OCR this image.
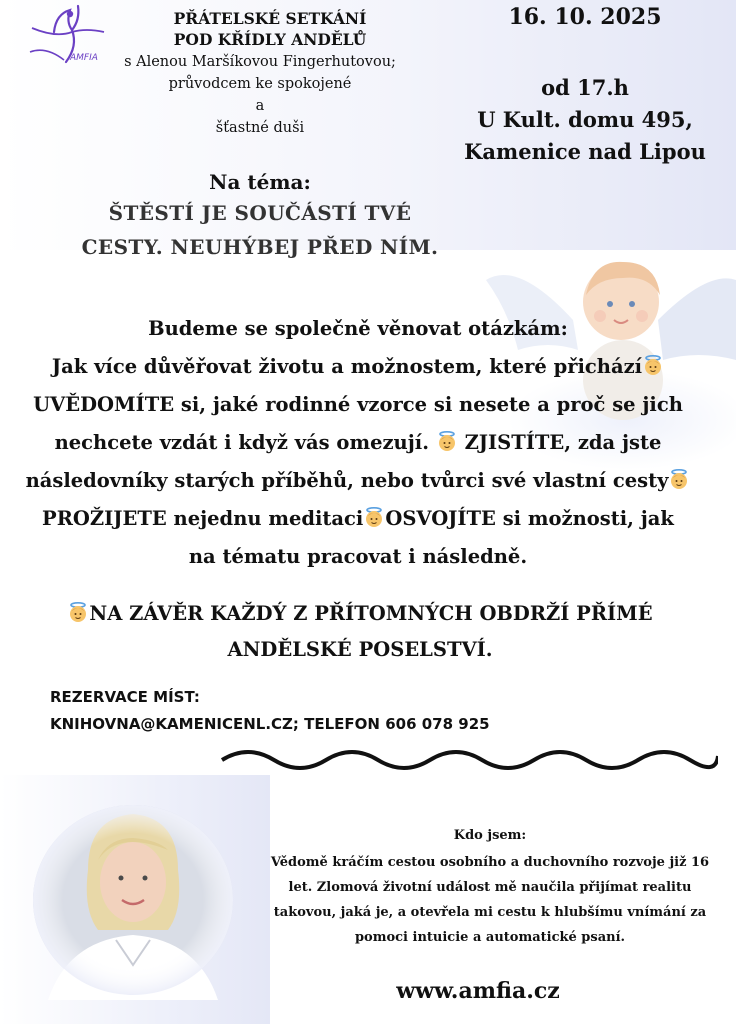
AMFIA
PŘÁTELSKÉ SETKÁNÍ
POD KŘÍDLY ANDĚLŮ
s Alenou Maršíkovou Fingerhutovou;
průvodcem ke spokojené
a
šťastné duši
16. 10. 2025
od 17.h
U Kult. domu 495,
Kamenice nad Lipou
Na téma:
ŠTĚSTÍ JE SOUČÁSTÍ TVÉ
CESTY. NEUHÝBEJ PŘED NÍM.
Budeme se společně věnovat otázkám:
Jak více důvěřovat životu a možnostem, které přichází
UVĚDOMÍTE si, jaké rodinné vzorce si nesete a proč se jich
nechcete vzdát i když vás omezují.  ZJISTÍTE, zda jste
následovníky starých příběhů, nebo tvůrci své vlastní cesty
PROŽIJETE nejednu meditaci OSVOJÍTE si možnosti, jak
na tématu pracovat i následně.
NA ZÁVĚR KAŽDÝ Z PŘÍTOMNÝCH OBDRŽÍ PŘÍMÉ
ANDĚLSKÉ POSELSTVÍ.
REZERVACE MÍST:
KNIHOVNA@KAMENICENL.CZ; TELEFON 606 078 925
Kdo jsem:
Vědomě kráčím cestou osobního a duchovního rozvoje již 16
let. Zlomová životní událost mě naučila přijímat realitu
takovou, jaká je, a otevřela mi cestu k hlubšímu vnímání za
pomoci intuicie a automatické psaní.
www.amfia.cz
